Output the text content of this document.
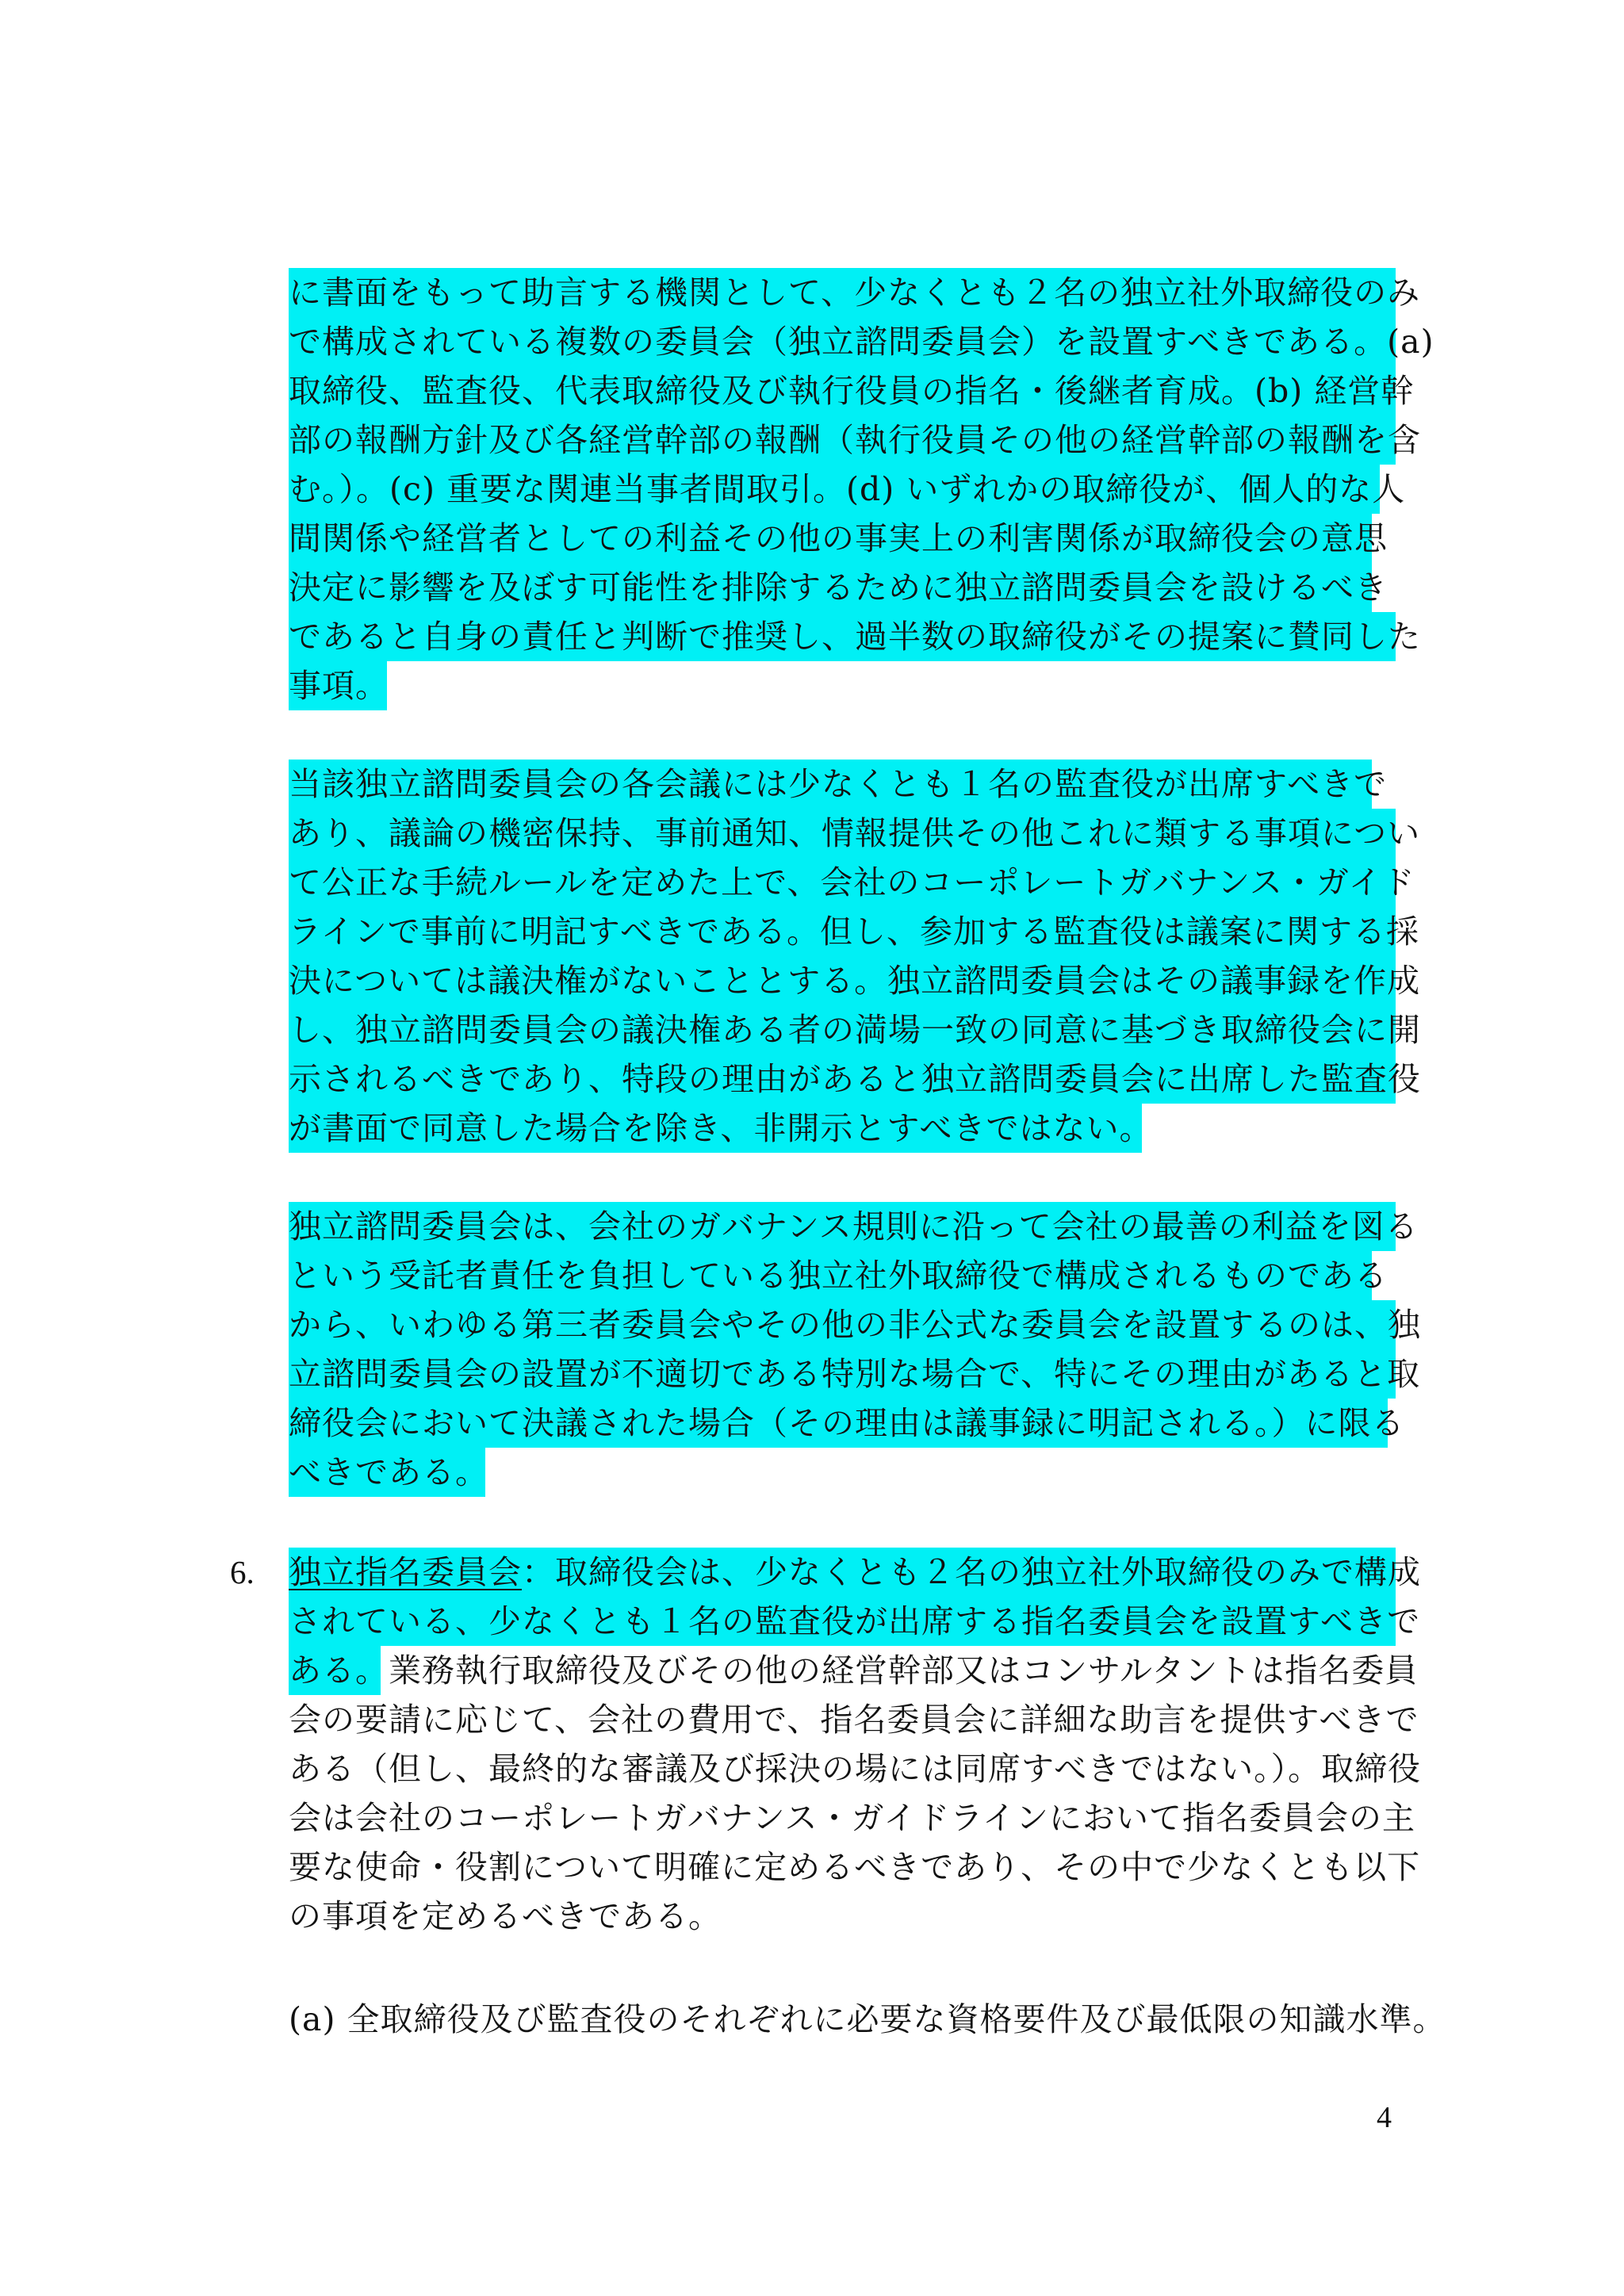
に書面をもって助言する機関として、少なくとも２名の独立社外取締役のみ
で構成されている複数の委員会（独立諮問委員会）を設置すべきである。(a)
取締役、監査役、代表取締役及び執行役員の指名・後継者育成。(b) 経営幹
部の報酬方針及び各経営幹部の報酬（執行役員その他の経営幹部の報酬を含
む。）。(c) 重要な関連当事者間取引。(d) いずれかの取締役が、個人的な人
間関係や経営者としての利益その他の事実上の利害関係が取締役会の意思
決定に影響を及ぼす可能性を排除するために独立諮問委員会を設けるべき
であると自身の責任と判断で推奨し、過半数の取締役がその提案に賛同した
事項。
当該独立諮問委員会の各会議には少なくとも１名の監査役が出席すべきで
あり、議論の機密保持、事前通知、情報提供その他これに類する事項につい
て公正な手続ルールを定めた上で、会社のコーポレートガバナンス・ガイド
ラインで事前に明記すべきである。但し、参加する監査役は議案に関する採
決については議決権がないこととする。独立諮問委員会はその議事録を作成
し、独立諮問委員会の議決権ある者の満場一致の同意に基づき取締役会に開
示されるべきであり、特段の理由があると独立諮問委員会に出席した監査役
が書面で同意した場合を除き、非開示とすべきではない。
独立諮問委員会は、会社のガバナンス規則に沿って会社の最善の利益を図る
という受託者責任を負担している独立社外取締役で構成されるものである
から、いわゆる第三者委員会やその他の非公式な委員会を設置するのは、独
立諮問委員会の設置が不適切である特別な場合で、特にその理由があると取
締役会において決議された場合（その理由は議事録に明記される。）に限る
べきである。
6. 独立指名委員会：取締役会は、少なくとも２名の独立社外取締役のみで構成
されている、少なくとも１名の監査役が出席する指名委員会を設置すべきで
ある。業務執行取締役及びその他の経営幹部又はコンサルタントは指名委員
会の要請に応じて、会社の費用で、指名委員会に詳細な助言を提供すべきで
ある（但し、最終的な審議及び採決の場には同席すべきではない。）。取締役
会は会社のコーポレートガバナンス・ガイドラインにおいて指名委員会の主
要な使命・役割について明確に定めるべきであり、その中で少なくとも以下
の事項を定めるべきである。
(a) 全取締役及び監査役のそれぞれに必要な資格要件及び最低限の知識水準。
4
